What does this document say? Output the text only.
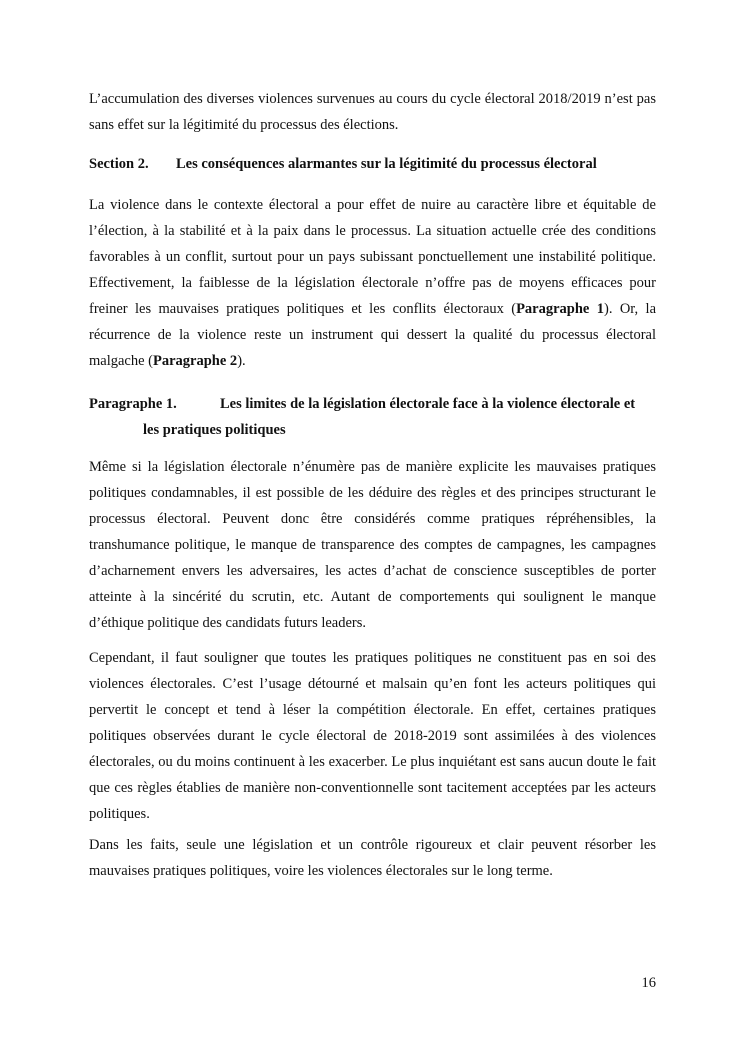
L’accumulation des diverses violences survenues au cours du cycle électoral 2018/2019 n’est pas sans effet sur la légitimité du processus des élections.

Section 2. Les conséquences alarmantes sur la légitimité du processus électoral

La violence dans le contexte électoral a pour effet de nuire au caractère libre et équitable de l’élection, à la stabilité et à la paix dans le processus. La situation actuelle crée des conditions favorables à un conflit, surtout pour un pays subissant ponctuellement une instabilité politique. Effectivement, la faiblesse de la législation électorale n’offre pas de moyens efficaces pour freiner les mauvaises pratiques politiques et les conflits électoraux (Paragraphe 1). Or, la récurrence de la violence reste un instrument qui dessert la qualité du processus électoral malgache (Paragraphe 2).

Paragraphe 1.	Les limites de la législation électorale face à la violence électorale et
les pratiques politiques

Même si la législation électorale n’énumère pas de manière explicite les mauvaises pratiques politiques condamnables, il est possible de les déduire des règles et des principes structurant le processus électoral. Peuvent donc être considérés comme pratiques répréhensibles, la transhumance politique, le manque de transparence des comptes de campagnes, les campagnes d’acharnement envers les adversaires, les actes d’achat de conscience susceptibles de porter atteinte à la sincérité du scrutin, etc. Autant de comportements qui soulignent le manque d’éthique politique des candidats futurs leaders.

Cependant, il faut souligner que toutes les pratiques politiques ne constituent pas en soi des violences électorales. C’est l’usage détourné et malsain qu’en font les acteurs politiques qui pervertit le concept et tend à léser la compétition électorale. En effet, certaines pratiques politiques observées durant le cycle électoral de 2018-2019 sont assimilées à des violences électorales, ou du moins continuent à les exacerber. Le plus inquiétant est sans aucun doute le fait que ces règles établies de manière non-conventionnelle sont tacitement acceptées par les acteurs politiques.

Dans les faits, seule une législation et un contrôle rigoureux et clair peuvent résorber les mauvaises pratiques politiques, voire les violences électorales sur le long terme.

16
